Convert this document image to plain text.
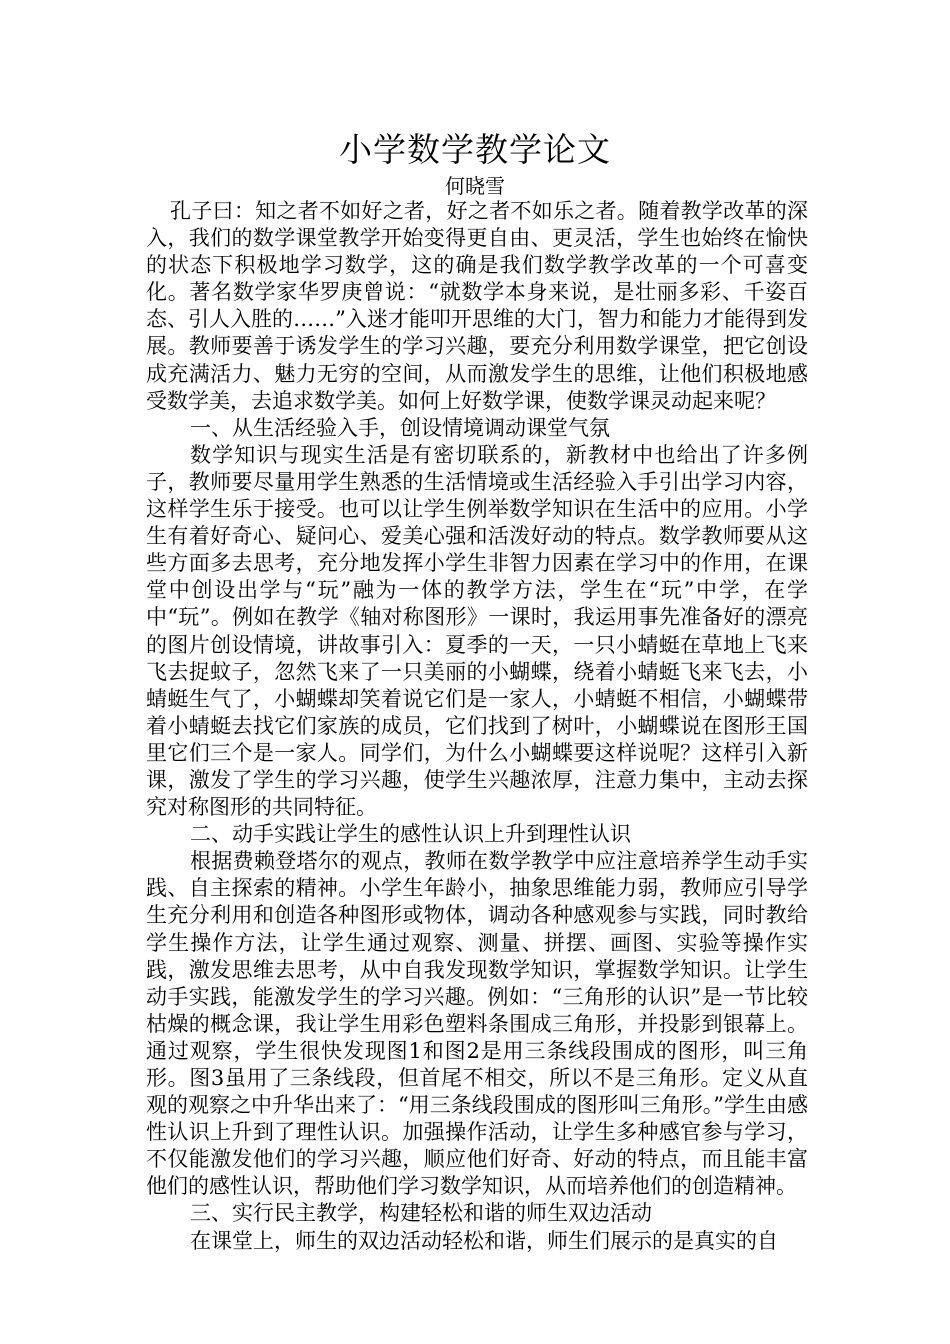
小学数学教学论文
何晓雪

孔子曰：知之者不如好之者，好之者不如乐之者。随着教学改革的深入，我们的数学课堂教学开始变得更自由、更灵活，学生也始终在愉快的状态下积极地学习数学，这的确是我们数学教学改革的一个可喜变化。著名数学家华罗庚曾说：“就数学本身来说，是壮丽多彩、千姿百态、引人入胜的……”入迷才能叩开思维的大门，智力和能力才能得到发展。教师要善于诱发学生的学习兴趣，要充分利用数学课堂，把它创设成充满活力、魅力无穷的空间，从而激发学生的思维，让他们积极地感受数学美，去追求数学美。如何上好数学课，使数学课灵动起来呢？

一、从生活经验入手，创设情境调动课堂气氛

数学知识与现实生活是有密切联系的，新教材中也给出了许多例子，教师要尽量用学生熟悉的生活情境或生活经验入手引出学习内容，这样学生乐于接受。也可以让学生例举数学知识在生活中的应用。小学生有着好奇心、疑问心、爱美心强和活泼好动的特点。数学教师要从这些方面多去思考，充分地发挥小学生非智力因素在学习中的作用，在课堂中创设出学与“玩”融为一体的教学方法，学生在“玩”中学，在学中“玩”。例如在教学《轴对称图形》一课时，我运用事先准备好的漂亮的图片创设情境，讲故事引入：夏季的一天，一只小蜻蜓在草地上飞来飞去捉蚊子，忽然飞来了一只美丽的小蝴蝶，绕着小蜻蜓飞来飞去，小蜻蜓生气了，小蝴蝶却笑着说它们是一家人，小蜻蜓不相信，小蝴蝶带着小蜻蜓去找它们家族的成员，它们找到了树叶，小蝴蝶说在图形王国里它们三个是一家人。同学们，为什么小蝴蝶要这样说呢？这样引入新课，激发了学生的学习兴趣，使学生兴趣浓厚，注意力集中，主动去探究对称图形的共同特征。

二、动手实践让学生的感性认识上升到理性认识

根据费赖登塔尔的观点，教师在数学教学中应注意培养学生动手实践、自主探索的精神。小学生年龄小，抽象思维能力弱，教师应引导学生充分利用和创造各种图形或物体，调动各种感观参与实践，同时教给学生操作方法，让学生通过观察、测量、拼摆、画图、实验等操作实践，激发思维去思考，从中自我发现数学知识，掌握数学知识。让学生动手实践，能激发学生的学习兴趣。例如：“三角形的认识”是一节比较枯燥的概念课，我让学生用彩色塑料条围成三角形，并投影到银幕上。通过观察，学生很快发现图1和图2是用三条线段围成的图形，叫三角形。图3虽用了三条线段，但首尾不相交，所以不是三角形。定义从直观的观察之中升华出来了：“用三条线段围成的图形叫三角形。”学生由感性认识上升到了理性认识。加强操作活动，让学生多种感官参与学习，不仅能激发他们的学习兴趣，顺应他们好奇、好动的特点，而且能丰富他们的感性认识，帮助他们学习数学知识，从而培养他们的创造精神。

三、实行民主教学，构建轻松和谐的师生双边活动

在课堂上，师生的双边活动轻松和谐，师生们展示的是真实的自
